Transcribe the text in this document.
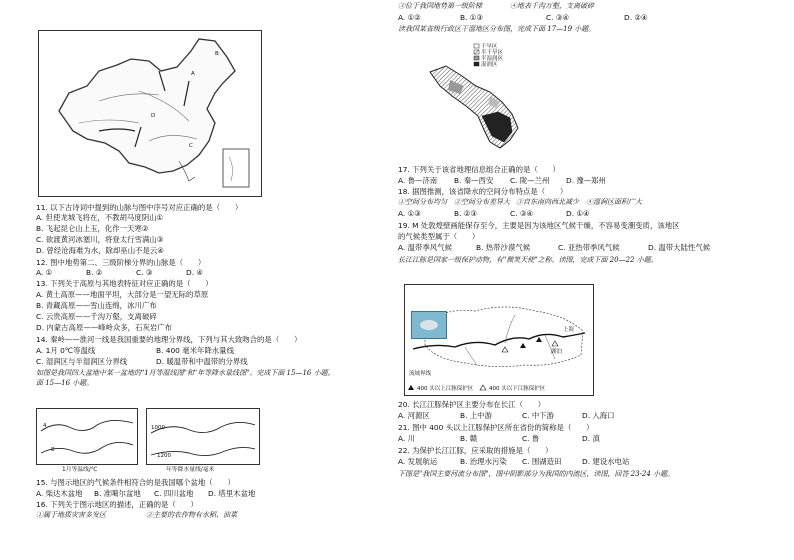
A
B
C
D
11. 以下古诗词中提到的山脉与图中序号对应正确的是（　　）
A. 但使龙城飞将在，不教胡马度阴山①
B. 飞起昆仑山上玉，化作一天寒②
C. 欲渡黄河冰塞川，将登太行雪满山③
D. 曾经沧海难为水，除却巫山不是云④
12. 图中地势第二、三级阶梯分界的山脉是（　　）
A. ①	B. ②	C. ③	D. ④
13. 下列关于高原与其地表特征对应正确的是（　　）
A. 黄土高原——地面平坦，大部分是一望无际的草原
B. 青藏高原——雪山连绵，冰川广布
C. 云贵高原——千沟万壑，支离破碎
D. 内蒙古高原——峰岭众多，石灰岩广布
14. 秦岭——淮河一线是我国重要的地理分界线，下列与其大致吻合的是（　　）
A. 1月 0℃等温线	B. 400 毫米年降水量线
C. 湿润区与半湿润区分界线	D. 暖温带和中温带的分界线
如图是我国四大盆地中某一盆地的"1月等温线图"和"年等降水量线图"。完成下面 15—16 小题。
面 15—16 小题。
4
8
1月等温线/℃
1000
1200
年等降水量线/毫米
15. 与图示地区的气候条件相符合的是我国哪个盆地（　　）
A. 柴达木盆地 B. 准噶尔盆地 C. 四川盆地 D. 塔里木盆地
16. 下列关于图示地区的描述，正确的是（　　）
①属于地质灾害多发区	②主要的农作物有水稻、油菜
③位于我国地势第一级阶梯	④地表千沟万壑，支离破碎
A. ①②	B. ①③	C. ③④	D. ②④
读我国某省级行政区干湿地区分布图，完成下面 17—19 小题。
干旱区
半干旱区
半湿润区
湿润区
17. 下列关于该省地理信息组合正确的是（　　）
A. 鲁—济南 B. 秦—西安 C. 陇—兰州 D. 豫—郑州
18. 据图推测，该省降水的空间分布特点是（　　）
①空间分布均匀 ②空间分布差异大 ③自东南向西北减少 ④湿润区面积广大
A. ①③	B. ②③	C. ③④	D. ①④
19. M 处敦煌壁画能保存至今，主要是因为该地区气候干燥，不容易变潮变质，该地区
的气候类型属于（　　）
A. 温带季风气候	B. 热带沙漠气候	C. 亚热带季风气候	D. 温带大陆性气候
长江江豚是国家一级保护动物，有"微笑天使"之称。读图，完成下面 20—22 小题。
上海
湖泊
流域界线
400 头以上江豚保护区	400 头以下江豚保护区
20. 长江江豚保护区主要分布在长江（　　）
A. 河源区	B. 上中游	C. 中下游	D. 入海口
21. 图中 400 头以上江豚保护区所在省份的简称是（　　）
A. 川	B. 赣	C. 鲁	D. 滇
22. 为保护长江江豚，应采取的措施是（　　）
A. 发展航运	B. 治理水污染 C. 围湖造田	D. 建设水电站
下图是"我国主要河流分布图"，图中阴影部分为我国的内流区，读图，回答 23-24 小题。
